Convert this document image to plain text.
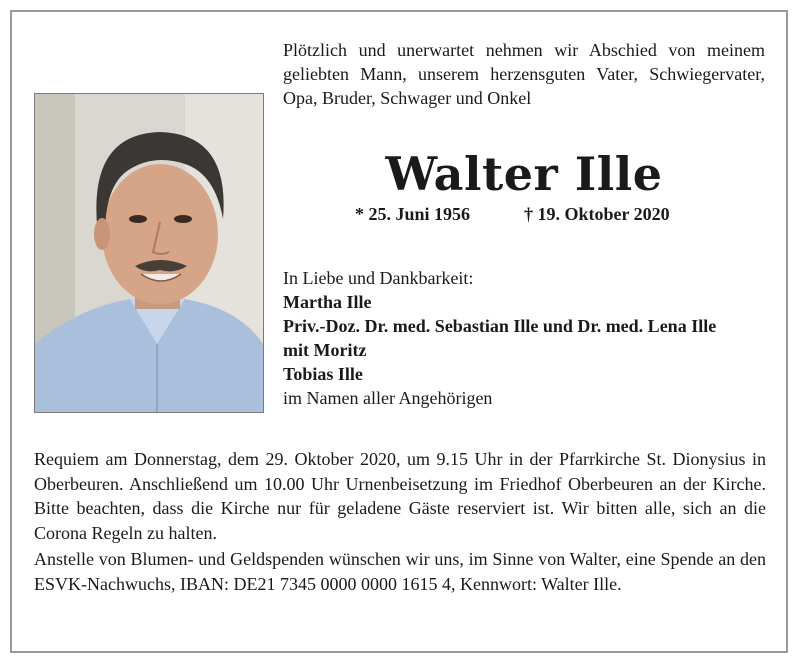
Plötzlich und unerwartet nehmen wir Abschied von meinem geliebten Mann, unserem herzensguten Vater, Schwiegervater, Opa, Bruder, Schwager und Onkel

Walter Ille
* 25. Juni 1956	† 19. Oktober 2020
In Liebe und Dankbarkeit:
Martha Ille
Priv.-Doz. Dr. med. Sebastian Ille und Dr. med. Lena Ille
mit Moritz
Tobias Ille
im Namen aller Angehörigen

Requiem am Donnerstag, dem 29. Oktober 2020, um 9.15 Uhr in der Pfarrkirche St. Dionysius in Oberbeuren. Anschließend um 10.00 Uhr Urnenbeisetzung im Friedhof Oberbeuren an der Kirche. Bitte beachten, dass die Kirche nur für geladene Gäste reserviert ist. Wir bitten alle, sich an die Corona Regeln zu halten.

Anstelle von Blumen- und Geldspenden wünschen wir uns, im Sinne von Walter, eine Spende an den ESVK-Nachwuchs, IBAN: DE21 7345 0000 0000 1615 4, Kennwort: Walter Ille.
